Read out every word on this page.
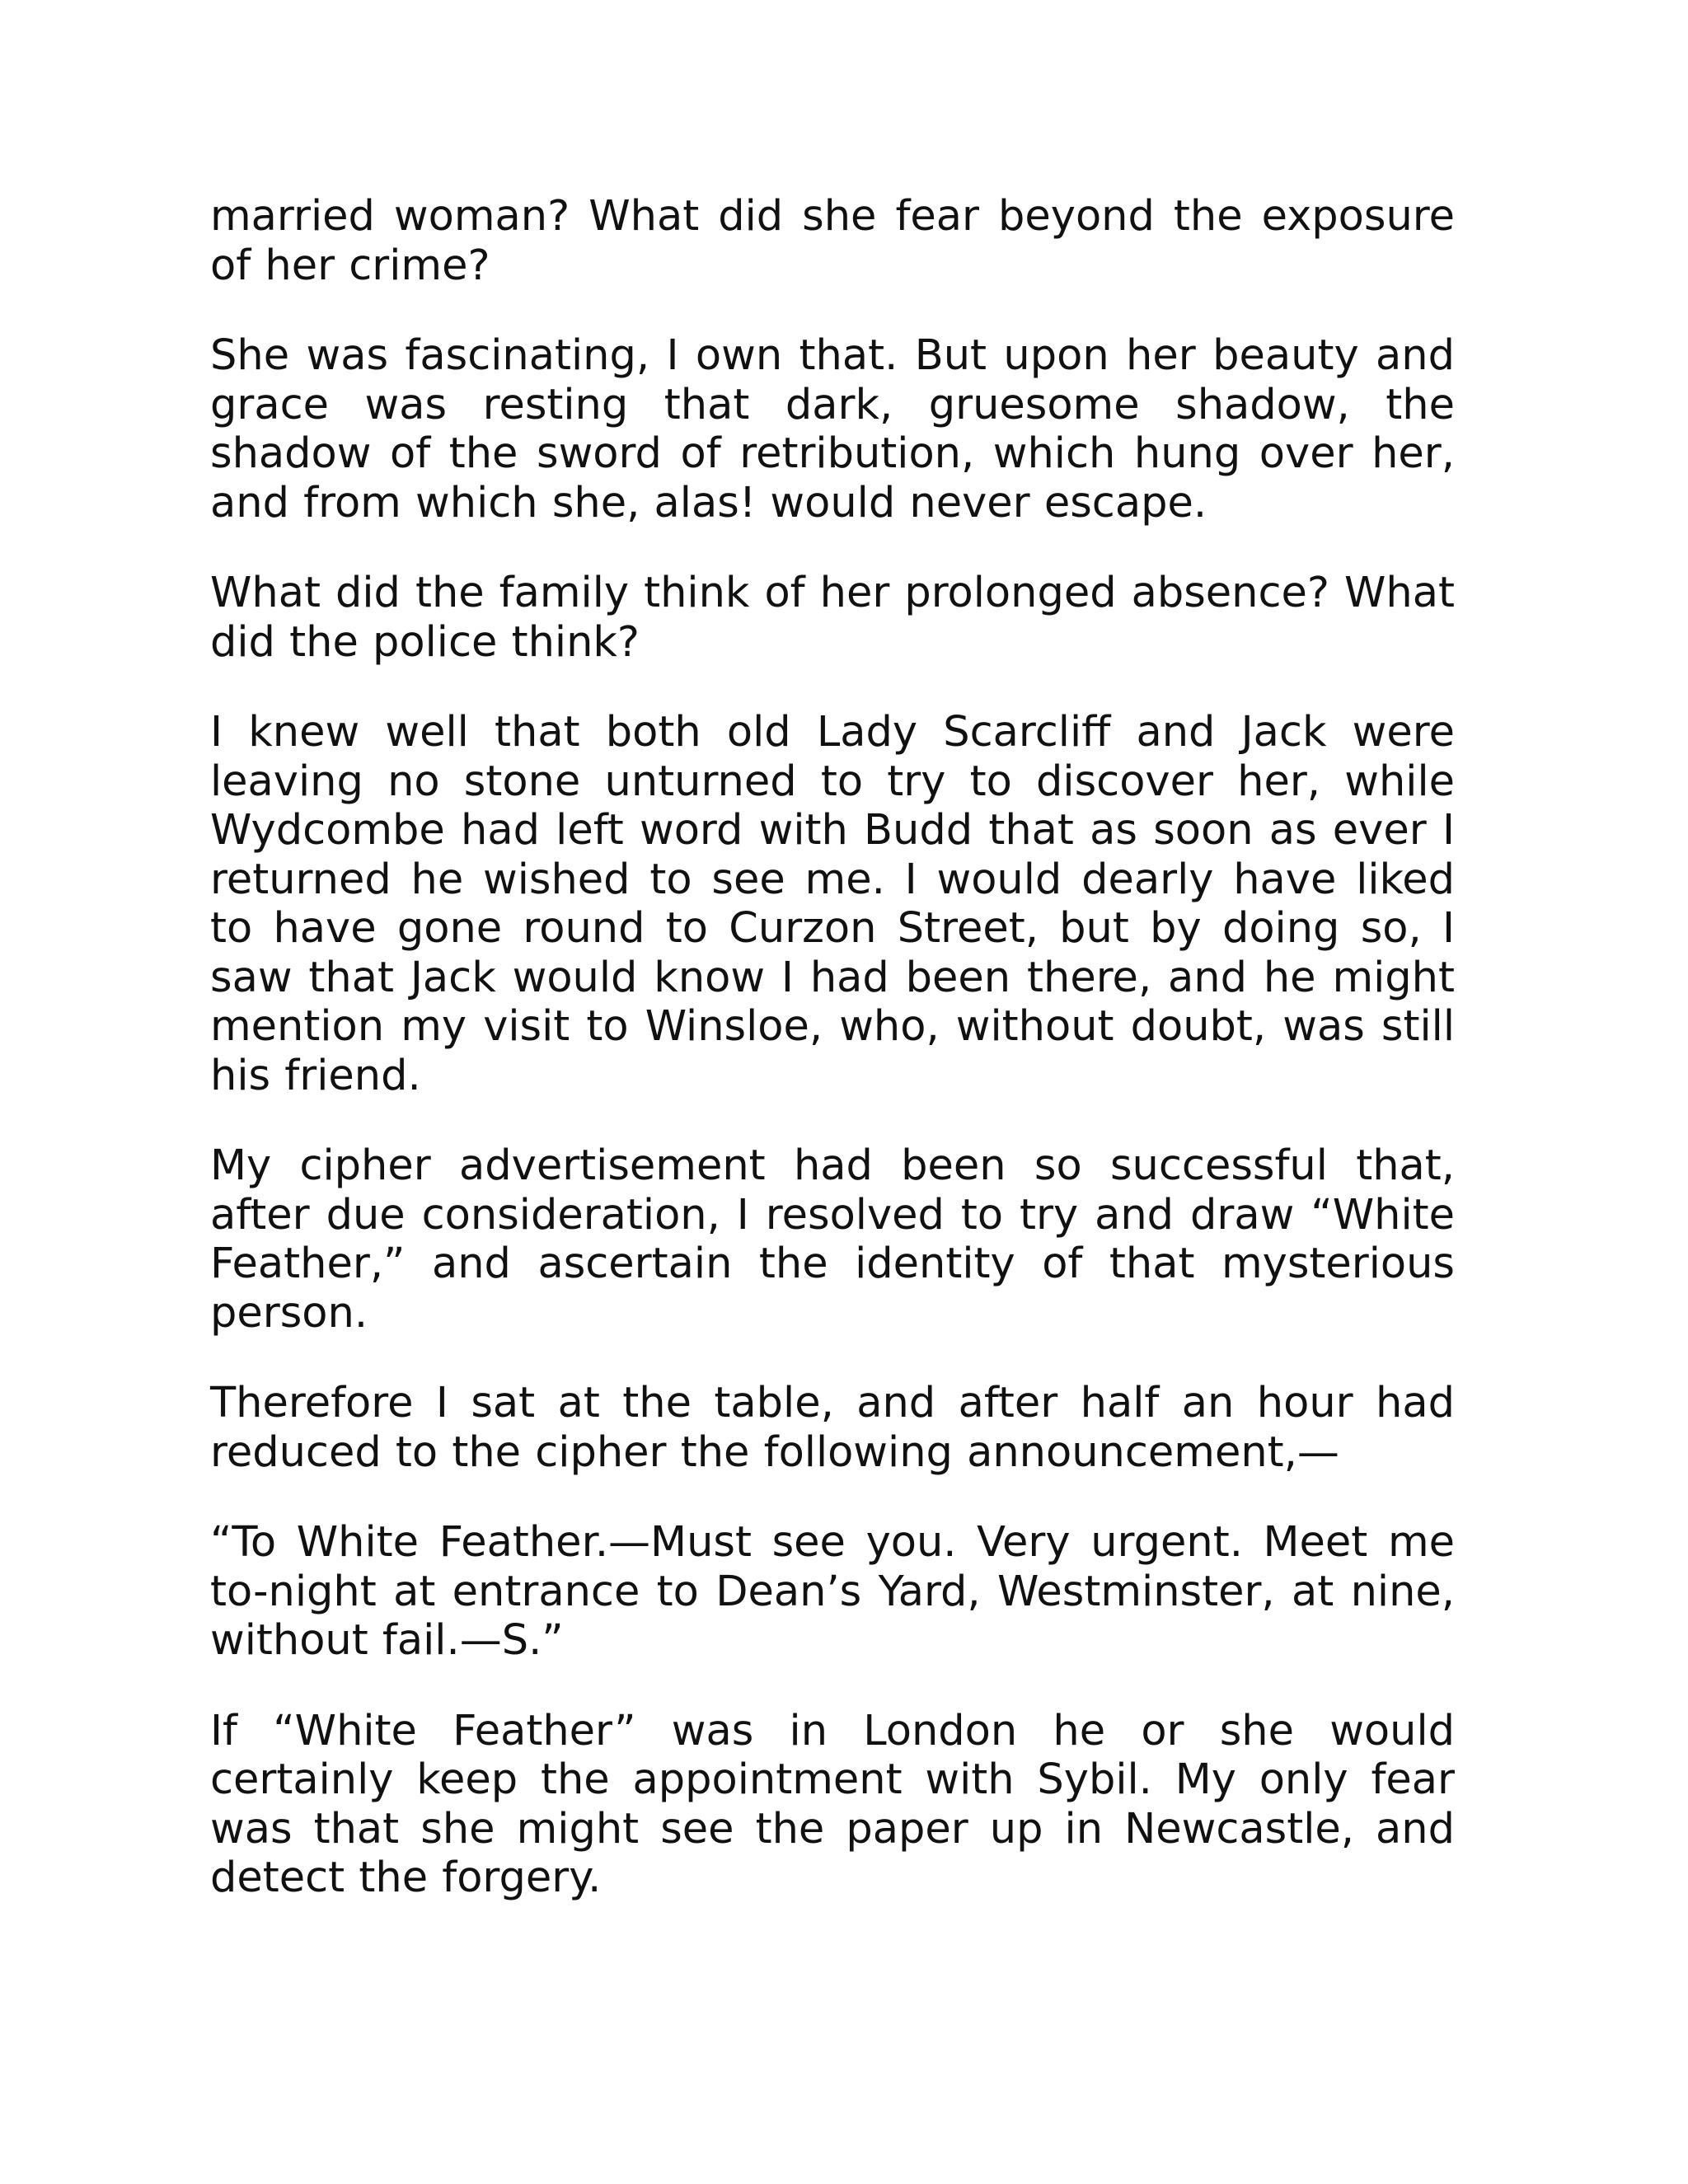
married woman? What did she fear beyond the exposure of her crime?

She was fascinating, I own that. But upon her beauty and grace was resting that dark, gruesome shadow, the shadow of the sword of retribution, which hung over her, and from which she, alas! would never escape.

What did the family think of her prolonged absence? What did the police think?

I knew well that both old Lady Scarcliff and Jack were leaving no stone unturned to try to discover her, while Wydcombe had left word with Budd that as soon as ever I returned he wished to see me. I would dearly have liked to have gone round to Curzon Street, but by doing so, I saw that Jack would know I had been there, and he might mention my visit to Winsloe, who, without doubt, was still his friend.

My cipher advertisement had been so successful that, after due consideration, I resolved to try and draw “White Feather,” and ascertain the identity of that mysterious person.

Therefore I sat at the table, and after half an hour had reduced to the cipher the following announcement,—

“To White Feather.—Must see you. Very urgent. Meet me to-night at entrance to Dean’s Yard, Westminster, at nine, without fail.—S.”

If “White Feather” was in London he or she would certainly keep the appointment with Sybil. My only fear was that she might see the paper up in Newcastle, and detect the forgery.
